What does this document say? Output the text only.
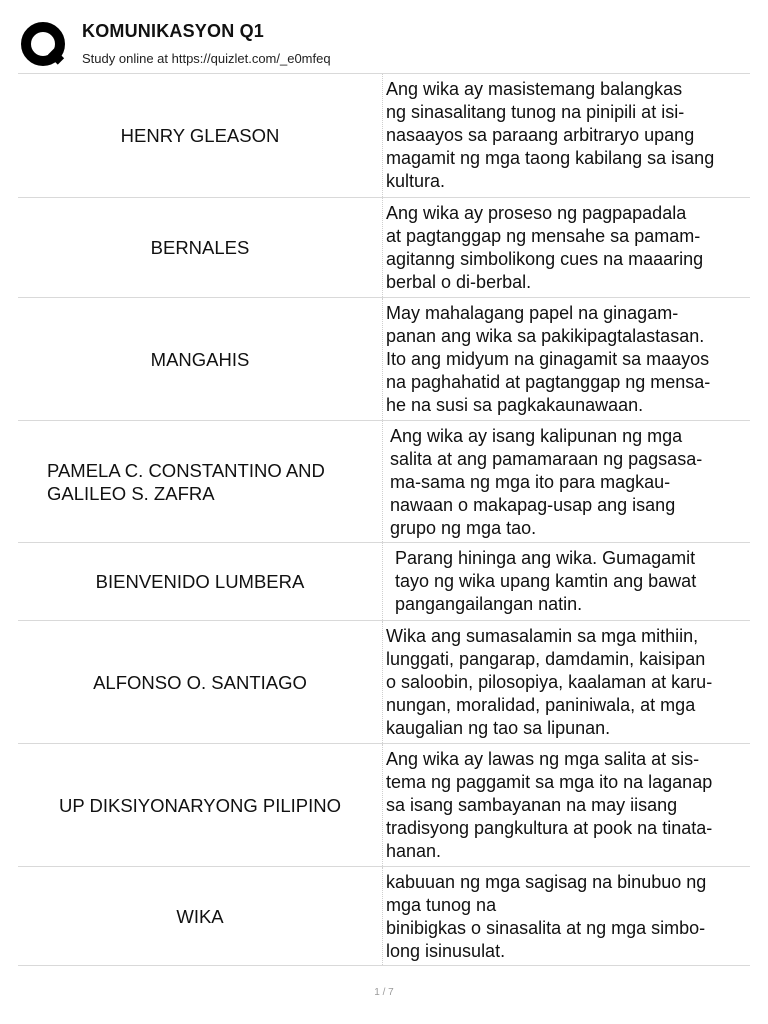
KOMUNIKASYON Q1
Study online at https://quizlet.com/_e0mfeq
HENRY GLEASON
Ang wika ay masistemang balangkas
ng sinasalitang tunog na pinipili at isi-
nasaayos sa paraang arbitraryo upang
magamit ng mga taong kabilang sa isang
kultura.
BERNALES
Ang wika ay proseso ng pagpapadala
at pagtanggap ng mensahe sa pamam-
agitanng simbolikong cues na maaaring
berbal o di-berbal.
MANGAHIS
May mahalagang papel na ginagam-
panan ang wika sa pakikipagtalastasan.
Ito ang midyum na ginagamit sa maayos
na paghahatid at pagtanggap ng mensa-
he na susi sa pagkakaunawaan.
PAMELA C. CONSTANTINO AND
GALILEO S. ZAFRA
Ang wika ay isang kalipunan ng mga
salita at ang pamamaraan ng pagsasa-
ma-sama ng mga ito para magkau-
nawaan o makapag-usap ang isang
grupo ng mga tao.
BIENVENIDO LUMBERA
Parang hininga ang wika. Gumagamit
tayo ng wika upang kamtin ang bawat
pangangailangan natin.
ALFONSO O. SANTIAGO
Wika ang sumasalamin sa mga mithiin,
lunggati, pangarap, damdamin, kaisipan
o saloobin, pilosopiya, kaalaman at karu-
nungan, moralidad, paniniwala, at mga
kaugalian ng tao sa lipunan.
UP DIKSIYONARYONG PILIPINO
Ang wika ay lawas ng mga salita at sis-
tema ng paggamit sa mga ito na laganap
sa isang sambayanan na may iisang
tradisyong pangkultura at pook na tinata-
hanan.
WIKA
kabuuan ng mga sagisag na binubuo ng
mga tunog na
binibigkas o sinasalita at ng mga simbo-
long isinusulat.
1 / 7
